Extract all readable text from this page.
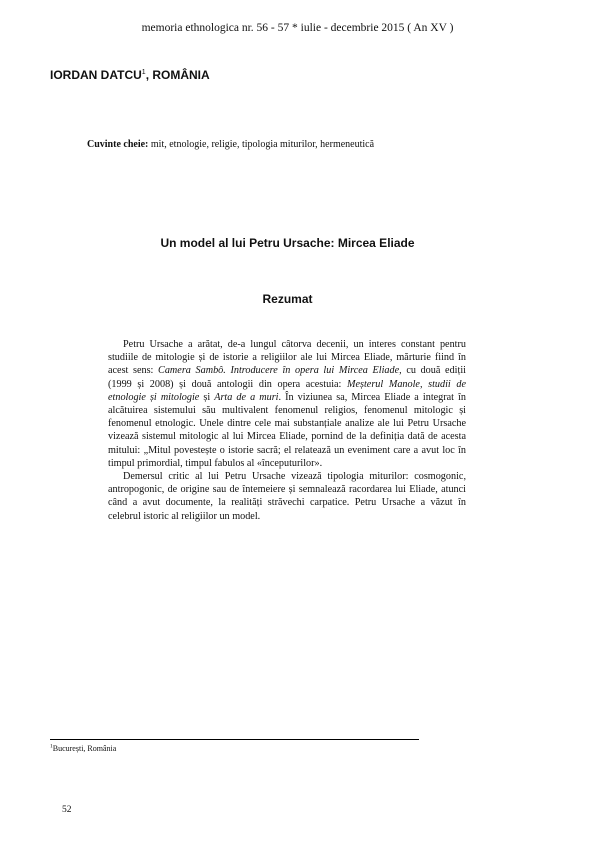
memoria ethnologica nr. 56 - 57 * iulie - decembrie 2015 ( An XV )
IORDAN DATCU$^1$, ROMÂNIA
Cuvinte cheie: mit, etnologie, religie, tipologia miturilor, hermeneutică
Un model al lui Petru Ursache: Mircea Eliade
Rezumat

Petru Ursache a arătat, de-a lungul câtorva decenii, un interes constant pentru studiile de mitologie și de istorie a religiilor ale lui Mircea Eliade, mărturie fiind în acest sens: Camera Sambô. Introducere în opera lui Mircea Eliade, cu două ediții (1999 și 2008) și două antologii din opera acestuia: Meșterul Manole, studii de etnologie și mitologie și Arta de a muri. În viziunea sa, Mircea Eliade a integrat în alcătuirea sistemului său multivalent fenomenul religios, fenomenul mitologic și fenomenul etnologic. Unele dintre cele mai substanțiale analize ale lui Petru Ursache vizează sistemul mitologic al lui Mircea Eliade, pornind de la definiția dată de acesta mitului: „Mitul povestește o istorie sacră; el relatează un eveniment care a avut loc în timpul primordial, timpul fabulos al «începuturilor».

Demersul critic al lui Petru Ursache vizează tipologia miturilor: cosmogonic, antropogonic, de origine sau de întemeiere și semnalează racordarea lui Eliade, atunci când a avut documente, la realități străvechi carpatice. Petru Ursache a văzut în celebrul istoric al religiilor un model.

$^1$București, România
52
